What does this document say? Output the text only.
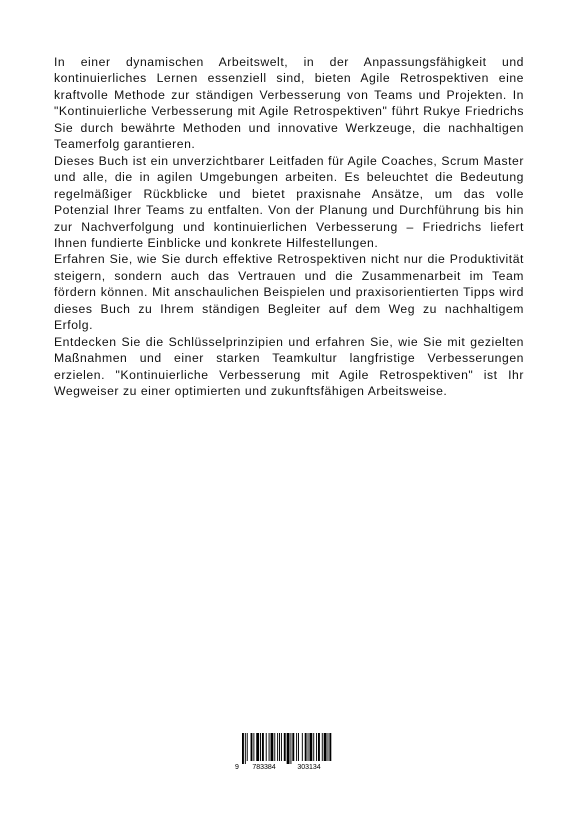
In einer dynamischen Arbeitswelt, in der Anpassungsfähigkeit und kontinuierliches Lernen essenziell sind, bieten Agile Retrospektiven eine kraftvolle Methode zur ständigen Verbesserung von Teams und Projekten. In "Kontinuierliche Verbesserung mit Agile Retrospektiven" führt Rukye Friedrichs Sie durch bewährte Methoden und innovative Werkzeuge, die nachhaltigen Teamerfolg garantieren.

Dieses Buch ist ein unverzichtbarer Leitfaden für Agile Coaches, Scrum Master und alle, die in agilen Umgebungen arbeiten. Es beleuchtet die Bedeutung regelmäßiger Rückblicke und bietet praxisnahe Ansätze, um das volle Potenzial Ihrer Teams zu entfalten. Von der Planung und Durchführung bis hin zur Nachverfolgung und kontinuierlichen Verbesserung – Friedrichs liefert Ihnen fundierte Einblicke und konkrete Hilfestellungen.

Erfahren Sie, wie Sie durch effektive Retrospektiven nicht nur die Produktivität steigern, sondern auch das Vertrauen und die Zusammenarbeit im Team fördern können. Mit anschaulichen Beispielen und praxisorientierten Tipps wird dieses Buch zu Ihrem ständigen Begleiter auf dem Weg zu nachhaltigem Erfolg.

Entdecken Sie die Schlüsselprinzipien und erfahren Sie, wie Sie mit gezielten Maßnahmen und einer starken Teamkultur langfristige Verbesserungen erzielen. "Kontinuierliche Verbesserung mit Agile Retrospektiven" ist Ihr Wegweiser zu einer optimierten und zukunftsfähigen Arbeitsweise.

9 783384	303134
